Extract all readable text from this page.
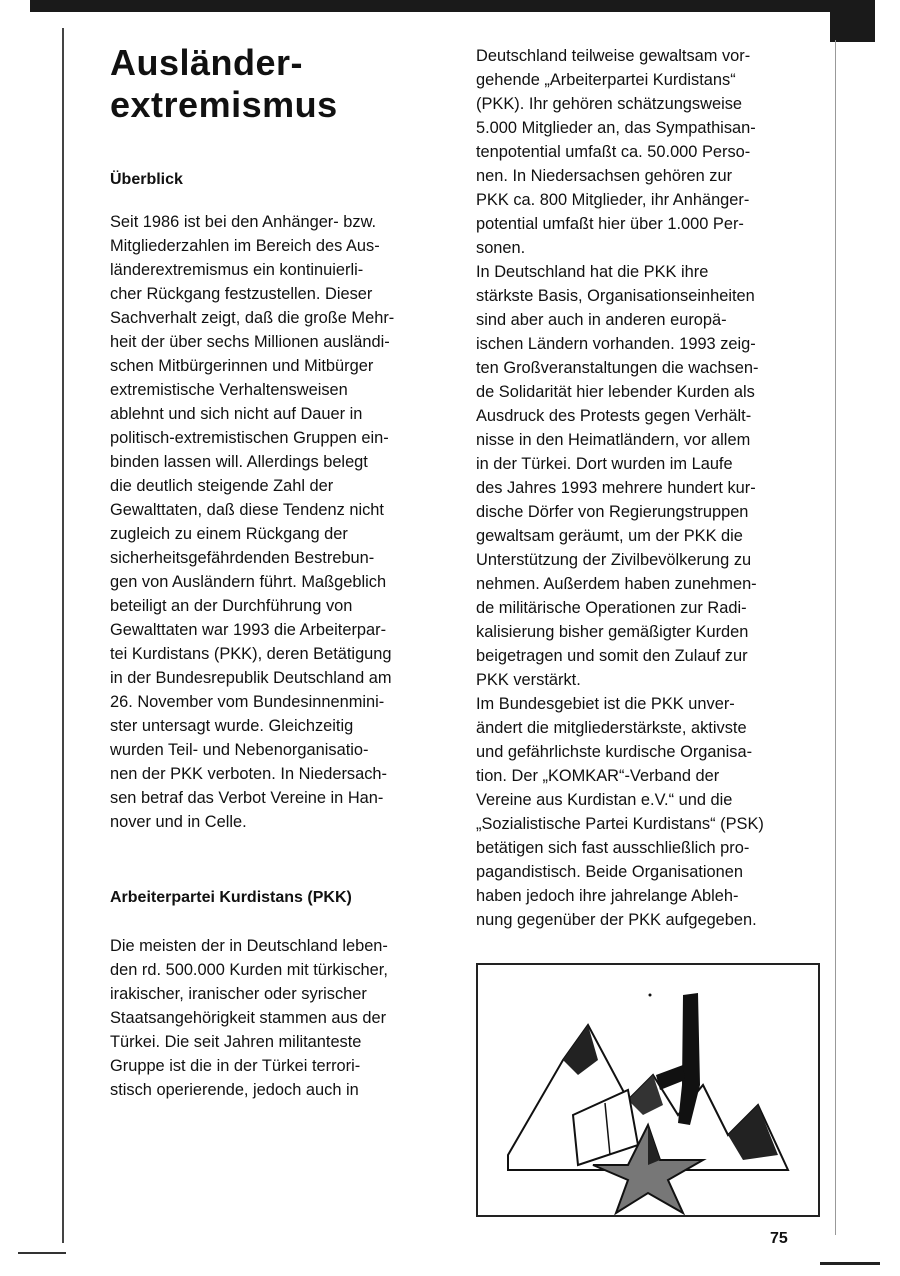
Ausländer-
extremismus
Überblick

Seit 1986 ist bei den Anhänger- bzw.
Mitgliederzahlen im Bereich des Aus-
länderextremismus ein kontinuierli-
cher Rückgang festzustellen. Dieser
Sachverhalt zeigt, daß die große Mehr-
heit der über sechs Millionen ausländi-
schen Mitbürgerinnen und Mitbürger
extremistische Verhaltensweisen
ablehnt und sich nicht auf Dauer in
politisch-extremistischen Gruppen ein-
binden lassen will. Allerdings belegt
die deutlich steigende Zahl der
Gewalttaten, daß diese Tendenz nicht
zugleich zu einem Rückgang der
sicherheitsgefährdenden Bestrebun-
gen von Ausländern führt. Maßgeblich
beteiligt an der Durchführung von
Gewalttaten war 1993 die Arbeiterpar-
tei Kurdistans (PKK), deren Betätigung
in der Bundesrepublik Deutschland am
26. November vom Bundesinnenmini-
ster untersagt wurde. Gleichzeitig
wurden Teil- und Nebenorganisatio-
nen der PKK verboten. In Niedersach-
sen betraf das Verbot Vereine in Han-
nover und in Celle.

Arbeiterpartei Kurdistans (PKK)

Die meisten der in Deutschland leben-
den rd. 500.000 Kurden mit türkischer,
irakischer, iranischer oder syrischer
Staatsangehörigkeit stammen aus der
Türkei. Die seit Jahren militanteste
Gruppe ist die in der Türkei terrori-
stisch operierende, jedoch auch in

Deutschland teilweise gewaltsam vor-
gehende „Arbeiterpartei Kurdistans“
(PKK). Ihr gehören schätzungsweise
5.000 Mitglieder an, das Sympathisan-
tenpotential umfaßt ca. 50.000 Perso-
nen. In Niedersachsen gehören zur
PKK ca. 800 Mitglieder, ihr Anhänger-
potential umfaßt hier über 1.000 Per-
sonen.
In Deutschland hat die PKK ihre
stärkste Basis, Organisationseinheiten
sind aber auch in anderen europä-
ischen Ländern vorhanden. 1993 zeig-
ten Großveranstaltungen die wachsen-
de Solidarität hier lebender Kurden als
Ausdruck des Protests gegen Verhält-
nisse in den Heimatländern, vor allem
in der Türkei. Dort wurden im Laufe
des Jahres 1993 mehrere hundert kur-
dische Dörfer von Regierungstruppen
gewaltsam geräumt, um der PKK die
Unterstützung der Zivilbevölkerung zu
nehmen. Außerdem haben zunehmen-
de militärische Operationen zur Radi-
kalisierung bisher gemäßigter Kurden
beigetragen und somit den Zulauf zur
PKK verstärkt.
Im Bundesgebiet ist die PKK unver-
ändert die mitgliederstärkste, aktivste
und gefährlichste kurdische Organisa-
tion. Der „KOMKAR“-Verband der
Vereine aus Kurdistan e.V.“ und die
„Sozialistische Partei Kurdistans“ (PSK)
betätigen sich fast ausschließlich pro-
pagandistisch. Beide Organisationen
haben jedoch ihre jahrelange Ableh-
nung gegenüber der PKK aufgegeben.

75
